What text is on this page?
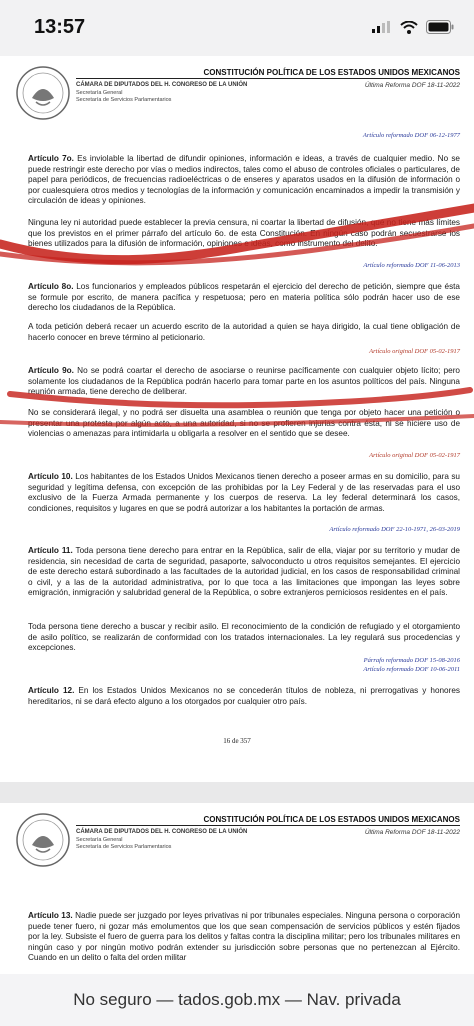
13:57
CONSTITUCIÓN POLÍTICA DE LOS ESTADOS UNIDOS MEXICANOS
CÁMARA DE DIPUTADOS DEL H. CONGRESO DE LA UNIÓN
Secretaría General
Secretaría de Servicios Parlamentarios
Última Reforma DOF 18-11-2022
Artículo reformado DOF 06-12-1977

Artículo 7o. Es inviolable la libertad de difundir opiniones, información e ideas, a través de cualquier medio. No se puede restringir este derecho por vías o medios indirectos, tales como el abuso de controles oficiales o particulares, de papel para periódicos, de frecuencias radioeléctricas o de enseres y aparatos usados en la difusión de información o por cualesquiera otros medios y tecnologías de la información y comunicación encaminados a impedir la transmisión y circulación de ideas y opiniones.

Ninguna ley ni autoridad puede establecer la previa censura, ni coartar la libertad de difusión, que no tiene más límites que los previstos en el primer párrafo del artículo 6o. de esta Constitución. En ningún caso podrán secuestrarse los bienes utilizados para la difusión de información, opiniones e ideas, como instrumento del delito.

Artículo reformado DOF 11-06-2013

Artículo 8o. Los funcionarios y empleados públicos respetarán el ejercicio del derecho de petición, siempre que ésta se formule por escrito, de manera pacífica y respetuosa; pero en materia política sólo podrán hacer uso de ese derecho los ciudadanos de la República.

A toda petición deberá recaer un acuerdo escrito de la autoridad a quien se haya dirigido, la cual tiene obligación de hacerlo conocer en breve término al peticionario.

Artículo original DOF 05-02-1917

Artículo 9o. No se podrá coartar el derecho de asociarse o reunirse pacíficamente con cualquier objeto lícito; pero solamente los ciudadanos de la República podrán hacerlo para tomar parte en los asuntos políticos del país. Ninguna reunión armada, tiene derecho de deliberar.

No se considerará ilegal, y no podrá ser disuelta una asamblea o reunión que tenga por objeto hacer una petición o presentar una protesta por algún acto, a una autoridad, si no se profieren injurias contra ésta, ni se hiciere uso de violencias o amenazas para intimidarla u obligarla a resolver en el sentido que se desee.

Artículo original DOF 05-02-1917

Artículo 10. Los habitantes de los Estados Unidos Mexicanos tienen derecho a poseer armas en su domicilio, para su seguridad y legítima defensa, con excepción de las prohibidas por la Ley Federal y de las reservadas para el uso exclusivo de la Fuerza Armada permanente y los cuerpos de reserva. La ley federal determinará los casos, condiciones, requisitos y lugares en que se podrá autorizar a los habitantes la portación de armas.

Artículo reformado DOF 22-10-1971, 26-03-2019

Artículo 11. Toda persona tiene derecho para entrar en la República, salir de ella, viajar por su territorio y mudar de residencia, sin necesidad de carta de seguridad, pasaporte, salvoconducto u otros requisitos semejantes. El ejercicio de este derecho estará subordinado a las facultades de la autoridad judicial, en los casos de responsabilidad criminal o civil, y a las de la autoridad administrativa, por lo que toca a las limitaciones que impongan las leyes sobre emigración, inmigración y salubridad general de la República, o sobre extranjeros perniciosos residentes en el país.

Toda persona tiene derecho a buscar y recibir asilo. El reconocimiento de la condición de refugiado y el otorgamiento de asilo político, se realizarán de conformidad con los tratados internacionales. La ley regulará sus procedencias y excepciones.

Párrafo reformado DOF 15-08-2016
Artículo reformado DOF 10-06-2011

Artículo 12. En los Estados Unidos Mexicanos no se concederán títulos de nobleza, ni prerrogativas y honores hereditarios, ni se dará efecto alguno a los otorgados por cualquier otro país.

16 de 357
CONSTITUCIÓN POLÍTICA DE LOS ESTADOS UNIDOS MEXICANOS
CÁMARA DE DIPUTADOS DEL H. CONGRESO DE LA UNIÓN
Secretaría General
Secretaría de Servicios Parlamentarios
Última Reforma DOF 18-11-2022

Artículo 13. Nadie puede ser juzgado por leyes privativas ni por tribunales especiales. Ninguna persona o corporación puede tener fuero, ni gozar más emolumentos que los que sean compensación de servicios públicos y estén fijados por la ley. Subsiste el fuero de guerra para los delitos y faltas contra la disciplina militar; pero los tribunales militares en ningún caso y por ningún motivo podrán extender su jurisdicción sobre personas que no pertenezcan al Ejército. Cuando en un delito o falta del orden militar

No seguro — tados.gob.mx — Nav. privada
